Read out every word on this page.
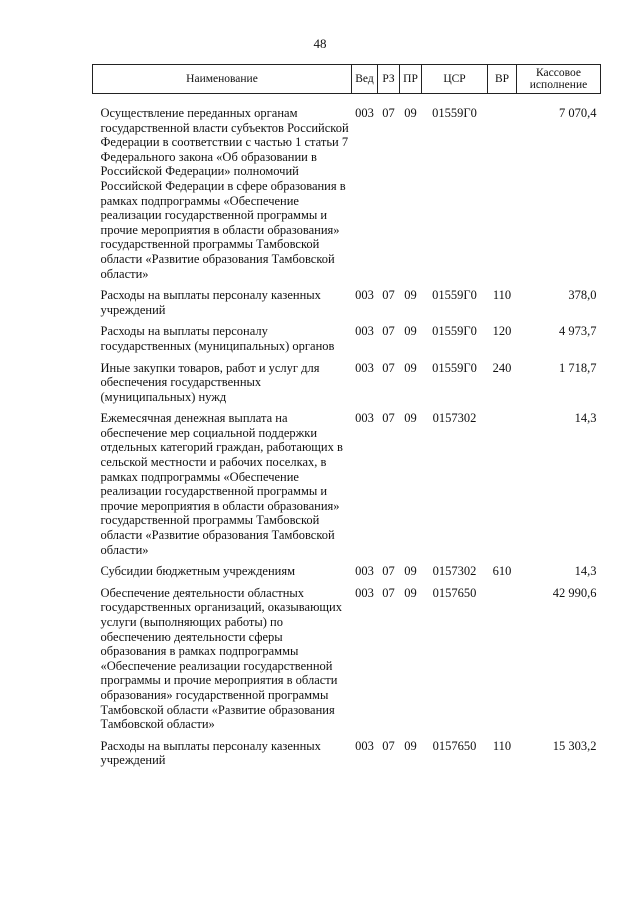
48
Наименование	Вед	РЗ	ПР	ЦСР	ВР	Кассовое исполнение

Осуществление переданных органам государственной власти субъектов Российской Федерации в соответствии с частью 1 статьи 7 Федерального закона «Об образовании в Российской Федерации» полномочий Российской Федерации в сфере образования в рамках подпрограммы «Обеспечение реализации государственной программы и прочие мероприятия в области образования» государственной программы Тамбовской области «Развитие образования Тамбовской области»	003	07	09	01559Г0		7 070,4
Расходы на выплаты персоналу казенных учреждений	003	07	09	01559Г0	110	378,0
Расходы на выплаты персоналу государственных (муниципальных) органов	003	07	09	01559Г0	120	4 973,7
Иные закупки товаров, работ и услуг для обеспечения государственных (муниципальных) нужд	003	07	09	01559Г0	240	1 718,7
Ежемесячная денежная выплата на обеспечение мер социальной поддержки отдельных категорий граждан, работающих в сельской местности и рабочих поселках, в рамках подпрограммы «Обеспечение реализации государственной программы и прочие мероприятия в области образования» государственной программы Тамбовской области «Развитие образования Тамбовской области»	003	07	09	0157302		14,3
Субсидии бюджетным учреждениям	003	07	09	0157302	610	14,3
Обеспечение деятельности областных государственных организаций, оказывающих услуги (выполняющих работы) по обеспечению деятельности сферы образования в рамках подпрограммы «Обеспечение реализации государственной программы и прочие мероприятия в области образования» государственной программы Тамбовской области «Развитие образования Тамбовской области»	003	07	09	0157650		42 990,6
Расходы на выплаты персоналу казенных учреждений	003	07	09	0157650	110	15 303,2
